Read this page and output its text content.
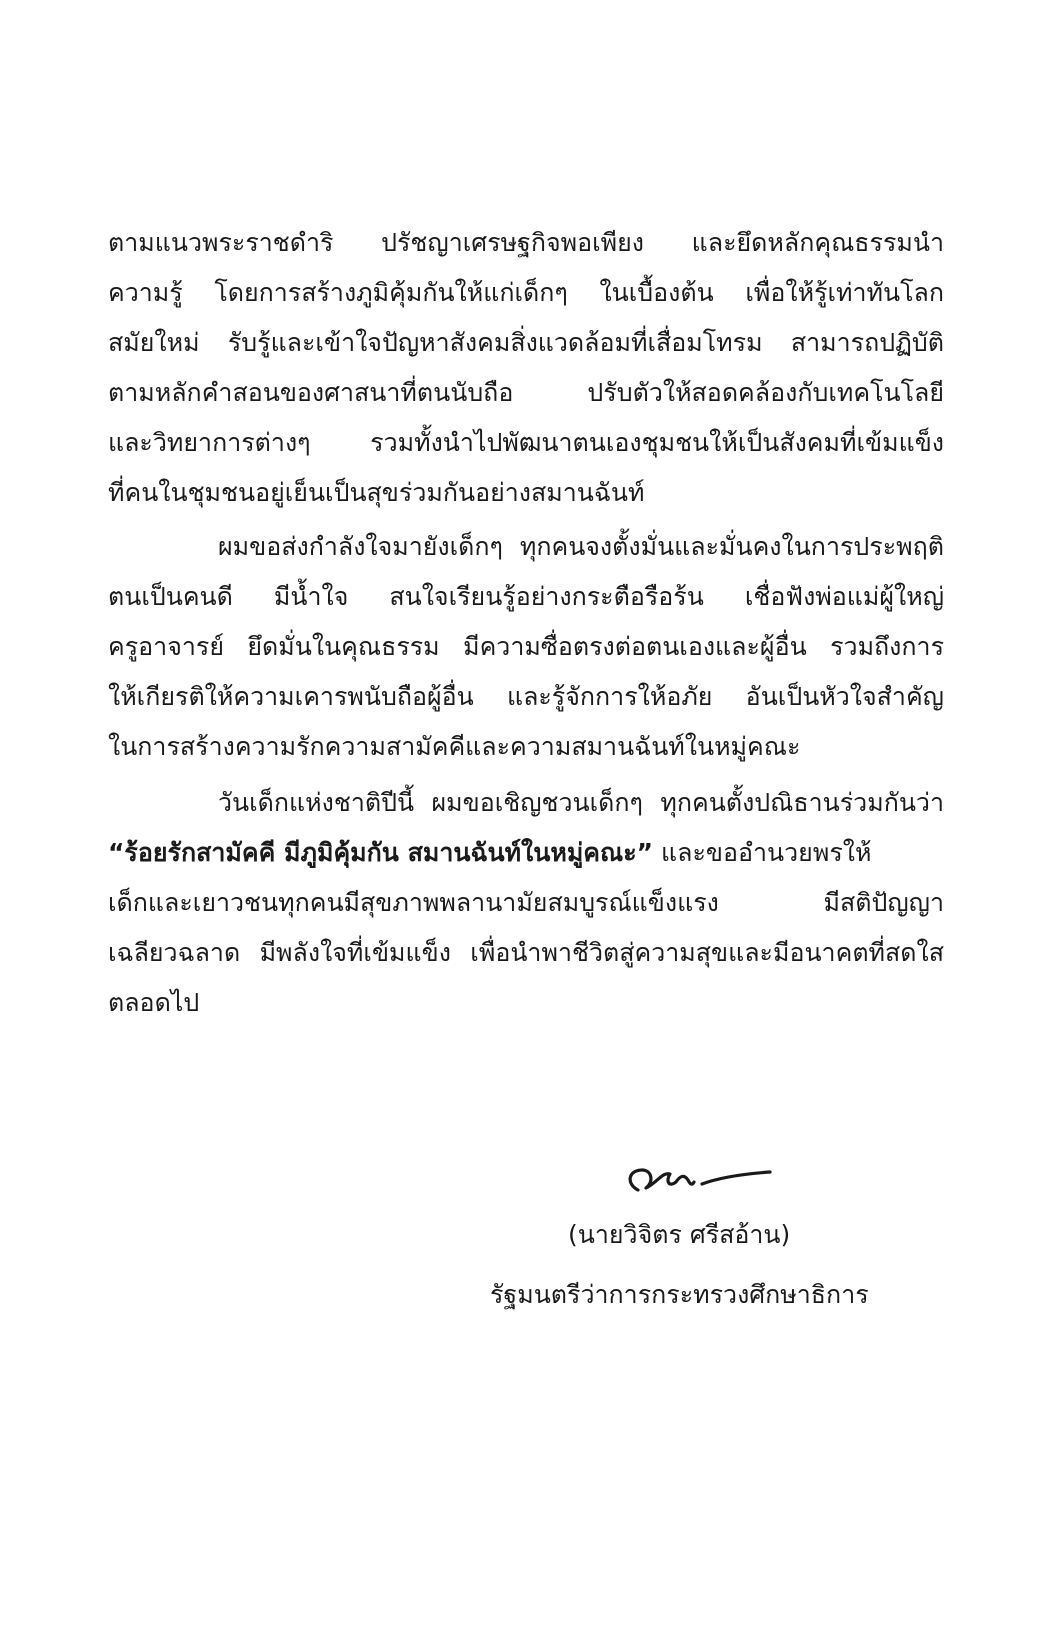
ตามแนวพระราชดำริ ปรัชญาเศรษฐกิจพอเพียง และยึดหลักคุณธรรมนำ
ความรู้ โดยการสร้างภูมิคุ้มกันให้แก่เด็กๆ ในเบื้องต้น เพื่อให้รู้เท่าทันโลก
สมัยใหม่ รับรู้และเข้าใจปัญหาสังคมสิ่งแวดล้อมที่เสื่อมโทรม สามารถปฏิบัติ
ตามหลักคำสอนของศาสนาที่ตนนับถือ ปรับตัวให้สอดคล้องกับเทคโนโลยี
และวิทยาการต่างๆ รวมทั้งนำไปพัฒนาตนเองชุมชนให้เป็นสังคมที่เข้มแข็ง
ที่คนในชุมชนอยู่เย็นเป็นสุขร่วมกันอย่างสมานฉันท์
ผมขอส่งกำลังใจมายังเด็กๆ ทุกคนจงตั้งมั่นและมั่นคงในการประพฤติ
ตนเป็นคนดี มีน้ำใจ สนใจเรียนรู้อย่างกระตือรือร้น เชื่อฟังพ่อแม่ผู้ใหญ่
ครูอาจารย์ ยึดมั่นในคุณธรรม มีความซื่อตรงต่อตนเองและผู้อื่น รวมถึงการ
ให้เกียรติให้ความเคารพนับถือผู้อื่น และรู้จักการให้อภัย อันเป็นหัวใจสำคัญ
ในการสร้างความรักความสามัคคีและความสมานฉันท์ในหมู่คณะ
วันเด็กแห่งชาติปีนี้ ผมขอเชิญชวนเด็กๆ ทุกคนตั้งปณิธานร่วมกันว่า
“ร้อยรักสามัคคี มีภูมิคุ้มกัน สมานฉันท์ในหมู่คณะ” และขออำนวยพรให้
เด็กและเยาวชนทุกคนมีสุขภาพพลานามัยสมบูรณ์แข็งแรง มีสติปัญญา
เฉลียวฉลาด มีพลังใจที่เข้มแข็ง เพื่อนำพาชีวิตสู่ความสุขและมีอนาคตที่สดใส
ตลอดไป
(นายวิจิตร ศรีสอ้าน)
รัฐมนตรีว่าการกระทรวงศึกษาธิการ
